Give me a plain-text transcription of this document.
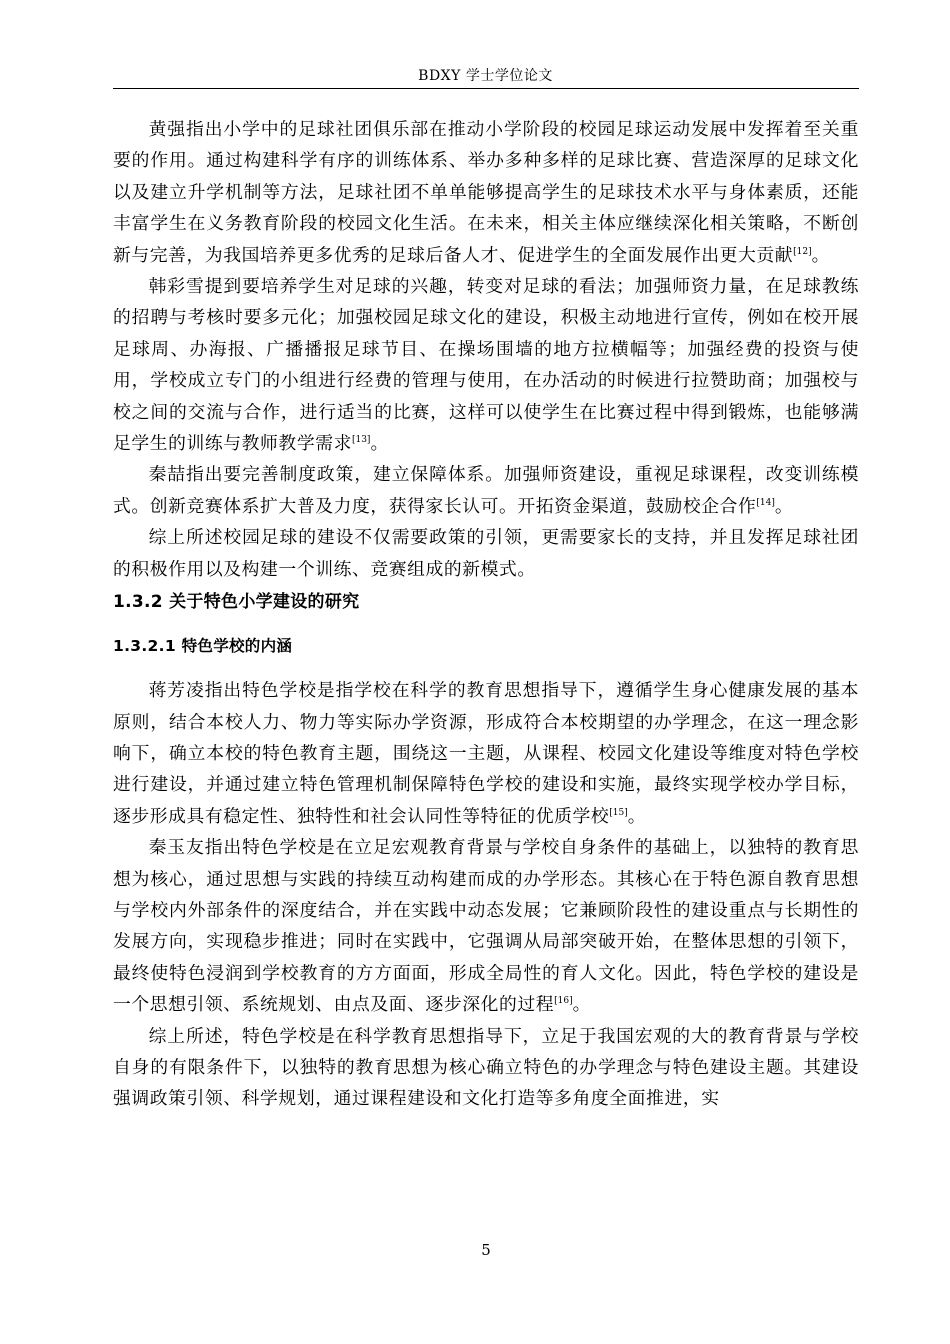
BDXY 学士学位论文

黄强指出小学中的足球社团俱乐部在推动小学阶段的校园足球运动发展中发挥着至关重要的作用。通过构建科学有序的训练体系、举办多种多样的足球比赛、营造深厚的足球文化以及建立升学机制等方法，足球社团不单单能够提高学生的足球技术水平与身体素质，还能丰富学生在义务教育阶段的校园文化生活。在未来，相关主体应继续深化相关策略，不断创新与完善，为我国培养更多优秀的足球后备人才、促进学生的全面发展作出更大贡献[12]。

韩彩雪提到要培养学生对足球的兴趣，转变对足球的看法；加强师资力量，在足球教练的招聘与考核时要多元化；加强校园足球文化的建设，积极主动地进行宣传，例如在校开展足球周、办海报、广播播报足球节目、在操场围墙的地方拉横幅等；加强经费的投资与使用，学校成立专门的小组进行经费的管理与使用，在办活动的时候进行拉赞助商；加强校与校之间的交流与合作，进行适当的比赛，这样可以使学生在比赛过程中得到锻炼，也能够满足学生的训练与教师教学需求[13]。

秦喆指出要完善制度政策，建立保障体系。加强师资建设，重视足球课程，改变训练模式。创新竞赛体系扩大普及力度，获得家长认可。开拓资金渠道，鼓励校企合作[14]。

综上所述校园足球的建设不仅需要政策的引领，更需要家长的支持，并且发挥足球社团的积极作用以及构建一个训练、竞赛组成的新模式。

1.3.2 关于特色小学建设的研究
1.3.2.1 特色学校的内涵

蒋芳凌指出特色学校是指学校在科学的教育思想指导下，遵循学生身心健康发展的基本原则，结合本校人力、物力等实际办学资源，形成符合本校期望的办学理念，在这一理念影响下，确立本校的特色教育主题，围绕这一主题，从课程、校园文化建设等维度对特色学校进行建设，并通过建立特色管理机制保障特色学校的建设和实施，最终实现学校办学目标，逐步形成具有稳定性、独特性和社会认同性等特征的优质学校[15]。

秦玉友指出特色学校是在立足宏观教育背景与学校自身条件的基础上，以独特的教育思想为核心，通过思想与实践的持续互动构建而成的办学形态。其核心在于特色源自教育思想与学校内外部条件的深度结合，并在实践中动态发展；它兼顾阶段性的建设重点与长期性的发展方向，实现稳步推进；同时在实践中，它强调从局部突破开始，在整体思想的引领下，最终使特色浸润到学校教育的方方面面，形成全局性的育人文化。因此，特色学校的建设是一个思想引领、系统规划、由点及面、逐步深化的过程[16]。

综上所述，特色学校是在科学教育思想指导下，立足于我国宏观的大的教育背景与学校自身的有限条件下，以独特的教育思想为核心确立特色的办学理念与特色建设主题。其建设强调政策引领、科学规划，通过课程建设和文化打造等多角度全面推进，实

5
